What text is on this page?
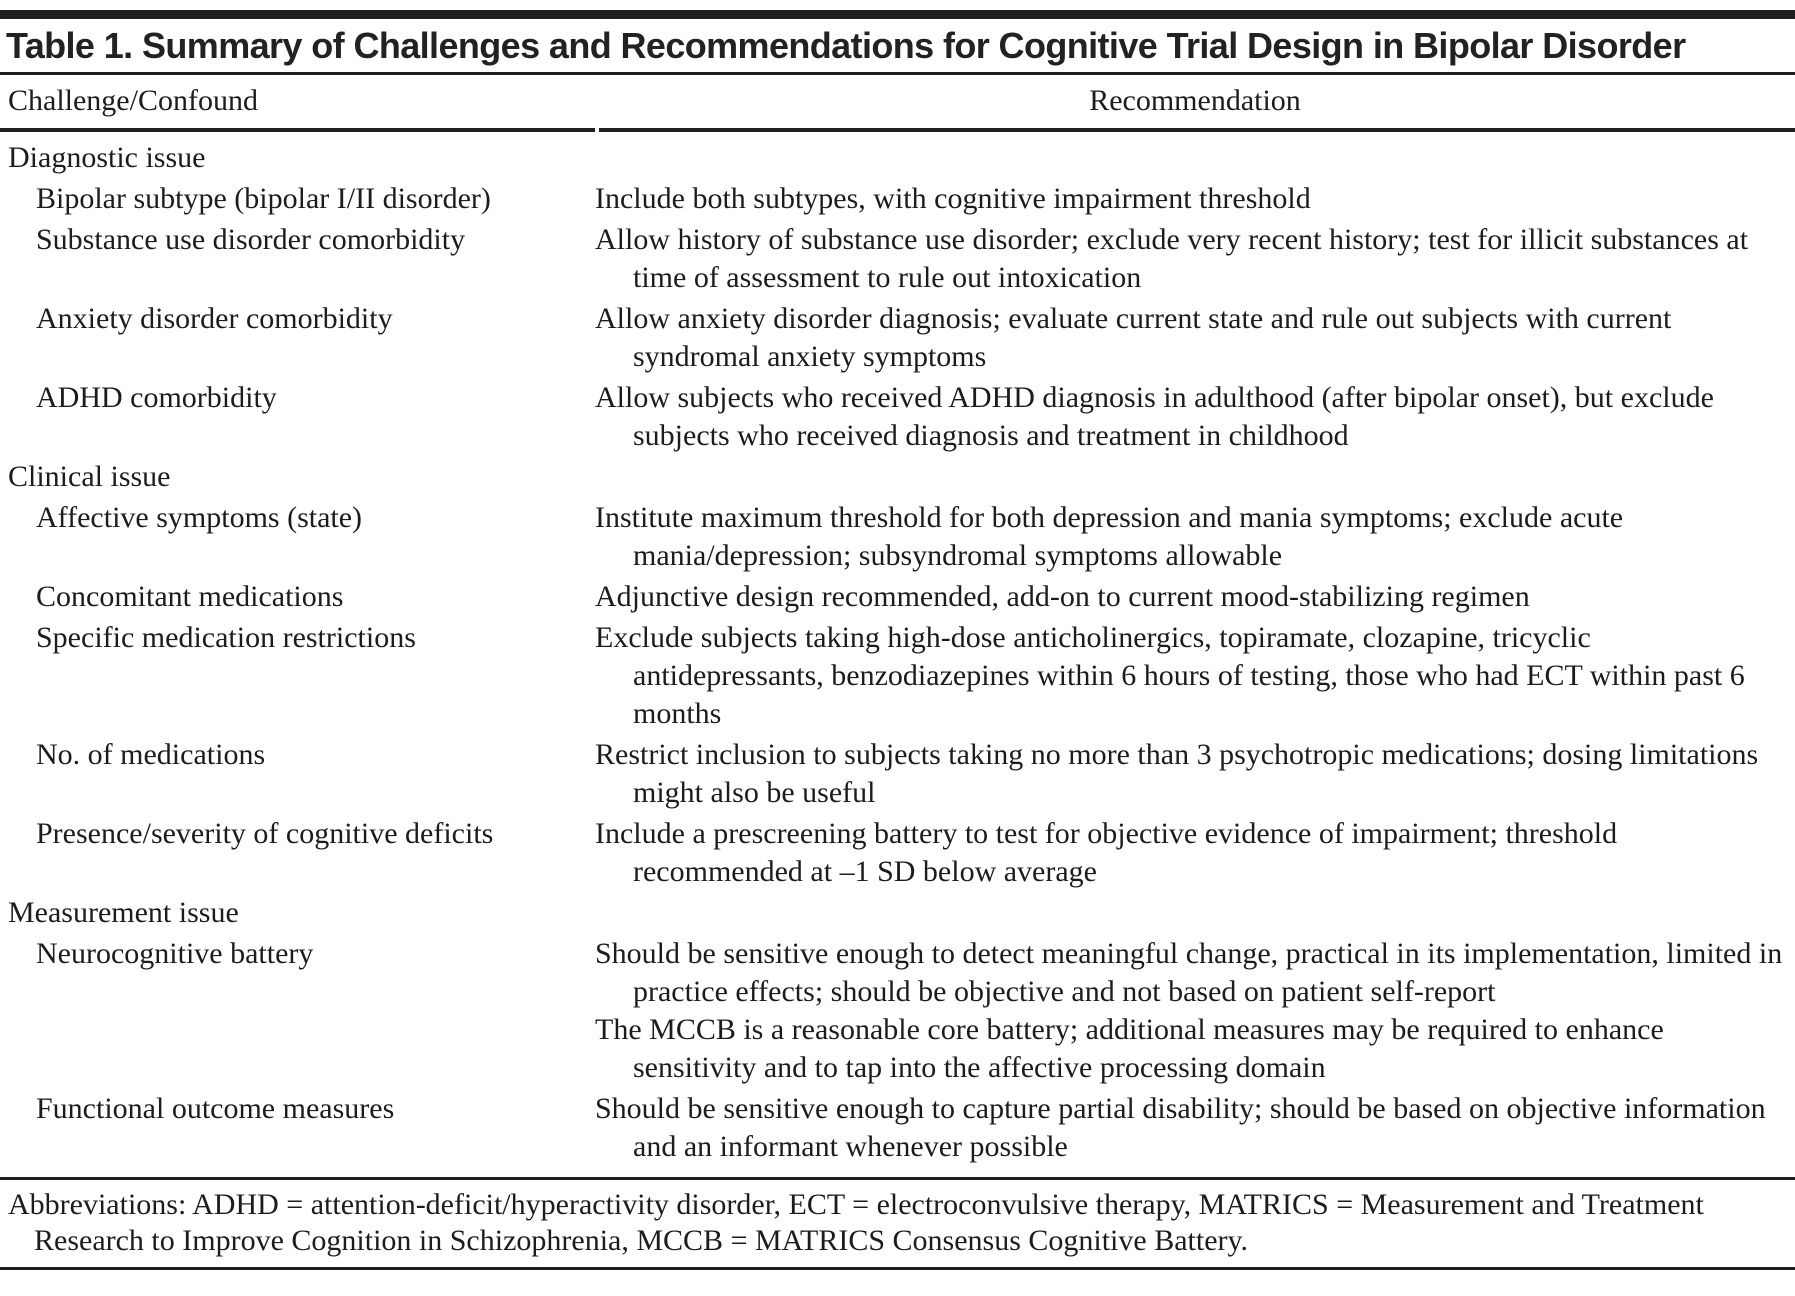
Table 1. Summary of Challenges and Recommendations for Cognitive Trial Design in Bipolar Disorder
Challenge/Confound	Recommendation
Diagnostic issue
Bipolar subtype (bipolar I/II disorder)	Include both subtypes, with cognitive impairment threshold
Substance use disorder comorbidity	Allow history of substance use disorder; exclude very recent history; test for illicit substances at time of assessment to rule out intoxication
Anxiety disorder comorbidity	Allow anxiety disorder diagnosis; evaluate current state and rule out subjects with current syndromal anxiety symptoms
ADHD comorbidity	Allow subjects who received ADHD diagnosis in adulthood (after bipolar onset), but exclude subjects who received diagnosis and treatment in childhood
Clinical issue
Affective symptoms (state)	Institute maximum threshold for both depression and mania symptoms; exclude acute mania/depression; subsyndromal symptoms allowable
Concomitant medications	Adjunctive design recommended, add-on to current mood-stabilizing regimen
Specific medication restrictions	Exclude subjects taking high-dose anticholinergics, topiramate, clozapine, tricyclic antidepressants, benzodiazepines within 6 hours of testing, those who had ECT within past 6 months
No. of medications	Restrict inclusion to subjects taking no more than 3 psychotropic medications; dosing limitations might also be useful
Presence/severity of cognitive deficits	Include a prescreening battery to test for objective evidence of impairment; threshold recommended at –1 SD below average
Measurement issue
Neurocognitive battery	Should be sensitive enough to detect meaningful change, practical in its implementation, limited in practice effects; should be objective and not based on patient self-report
The MCCB is a reasonable core battery; additional measures may be required to enhance sensitivity and to tap into the affective processing domain
Functional outcome measures	Should be sensitive enough to capture partial disability; should be based on objective information and an informant whenever possible
Abbreviations: ADHD = attention-deficit/hyperactivity disorder, ECT = electroconvulsive therapy, MATRICS = Measurement and Treatment Research to Improve Cognition in Schizophrenia, MCCB = MATRICS Consensus Cognitive Battery.
